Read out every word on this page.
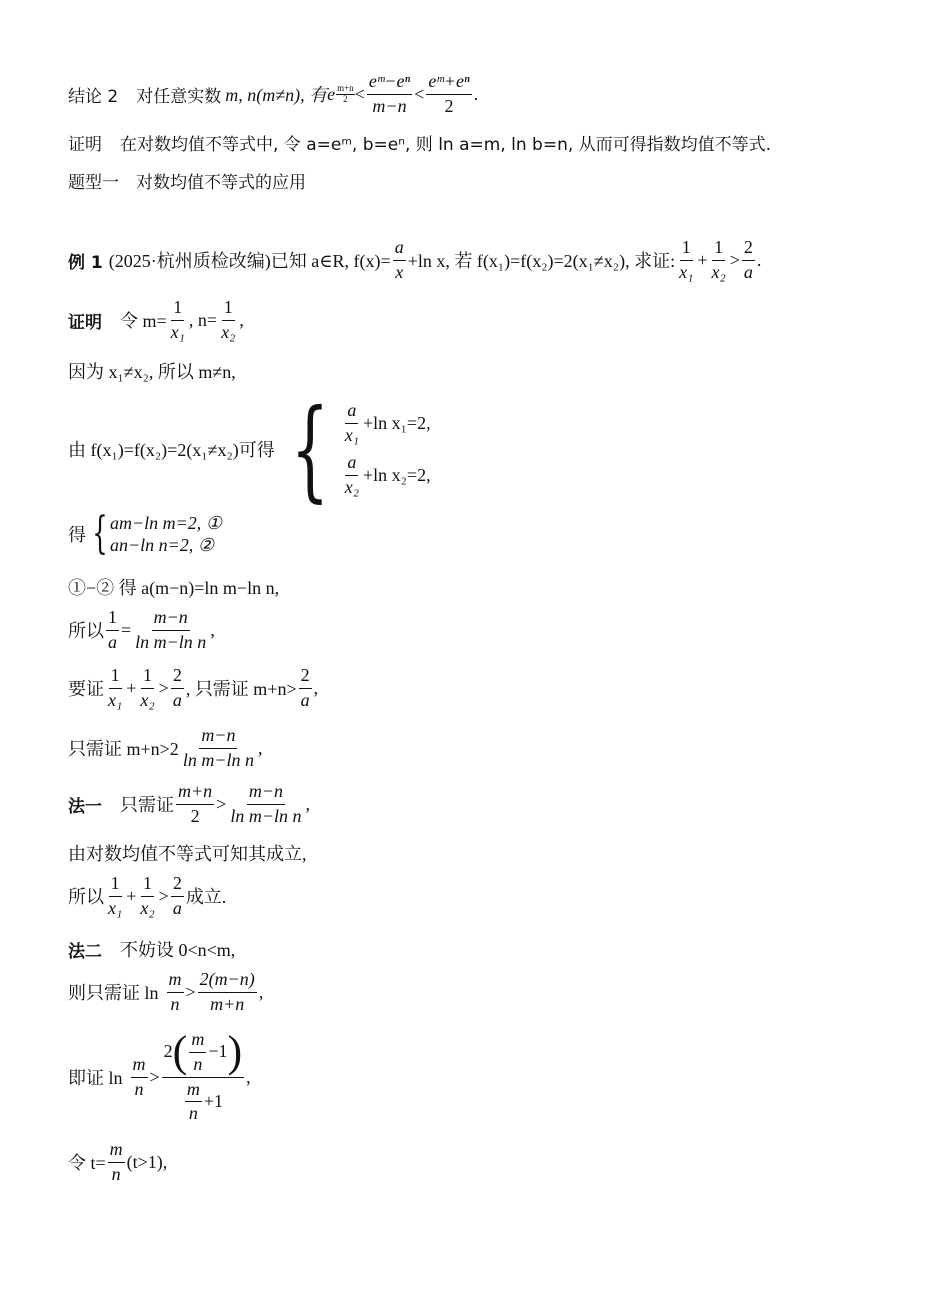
结论 2 对任意实数 m, n(m≠n), 有 e $\frac{m+n}{2} < \frac{\text{eᵐ−eⁿ}}{m-n} < \frac{\text{eᵐ+eⁿ}}{2}$ .
证明 在对数均值不等式中, 令 a=eᵐ, b=eⁿ, 则 ln a=m, ln b=n, 从而可得指数均值不等式.
题型一　对数均值不等式的应用
例 1 (2025·杭州质检改编)已知 a∈R, $f(x)= \frac{a}{x} +\ln$ x, 若 f(x₁)=f(x₂)=2(x₁≠x₂), 求证: $\frac{1}{\text{x₁}} + \frac{1}{\text{x₂}} > \frac{2}{a}$ .
证明 令 $m= \frac{1}{\text{x₁}}$ , $n= \frac{1}{\text{x₂}}$ ,
因为 x₁≠x₂, 所以 m≠n,
由 f(x₁)=f(x₂)=2(x₁≠x₂)可得 { $\frac{a}{\text{x₁}} +\ln$ x₁=2,
$\frac{a}{\text{x₂}} +\ln$ x₂=2,
得 { am−ln m=2, ①
an−ln n=2, ②
①−② 得 a(m−n)=ln m−ln n,
所以 $\frac{1}{a} = \frac{m-n}{\text{ln m−ln n}}$ ,
要证 $\frac{1}{\text{x₁}} + \frac{1}{\text{x₂}} > \frac{2}{a}$ , 只需证 $m+n> \frac{2}{a}$ ,
只需证 $m+n>2 \frac{m-n}{\text{ln m−ln n}}$ ,
法一 只需证 $\frac{m+n}{2} > \frac{m-n}{\text{ln m−ln n}}$ ,
由对数均值不等式可知其成立,
所以 $\frac{1}{\text{x₁}} + \frac{1}{\text{x₂}} > \frac{2}{a}$ 成立.
法二 不妨设 0<n<m,
则只需证 $\ln \frac{m}{n} > \frac{2(m-n)}{m+n}$ ,
即证 $\ln \frac{m}{n}$ >
2 ( $\frac{m}{n} -1$ )
$\frac{m}{n} +1$
,
令 $t= \frac{m}{n} (t>1)$,
